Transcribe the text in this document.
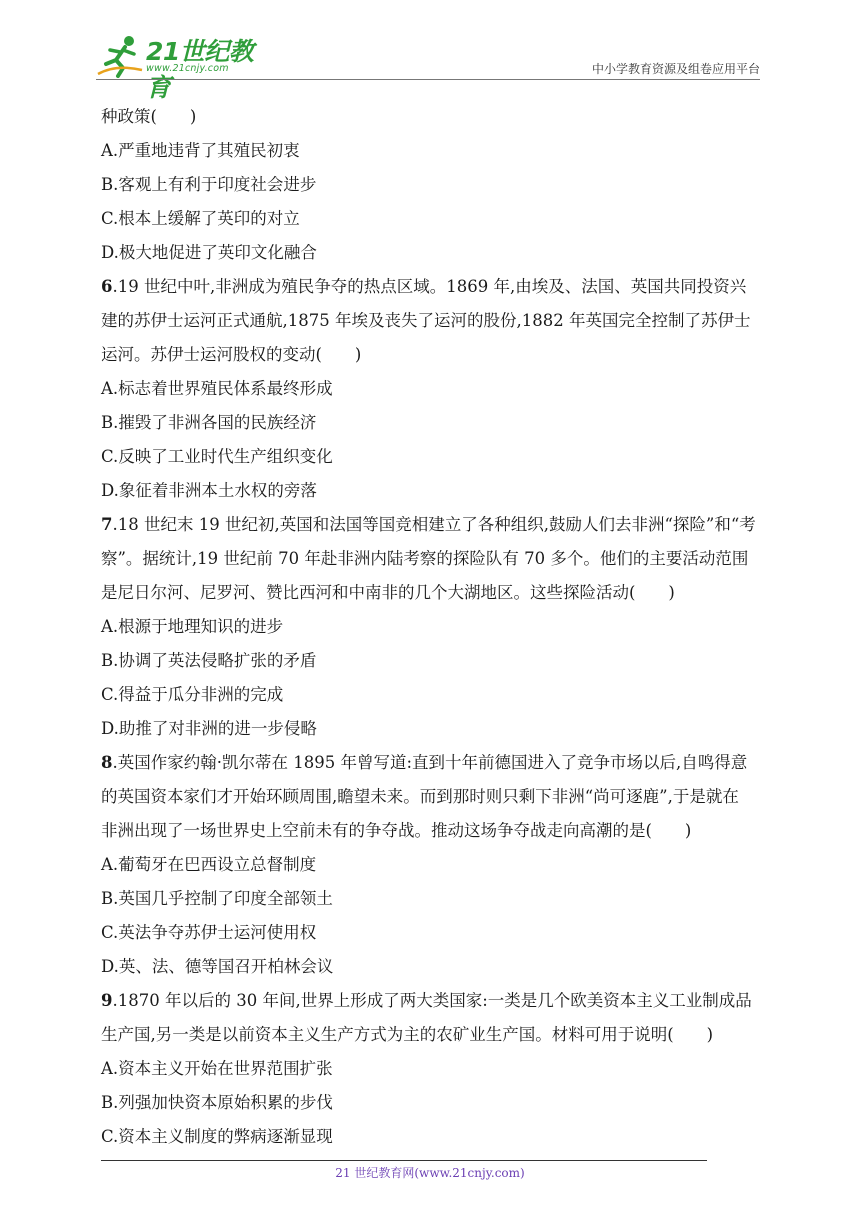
21世纪教育
www.21cnjy.com	中小学教育资源及组卷应用平台
种政策(　　)
A.严重地违背了其殖民初衷
B.客观上有利于印度社会进步
C.根本上缓解了英印的对立
D.极大地促进了英印文化融合
6.19 世纪中叶,非洲成为殖民争夺的热点区域。1869 年,由埃及、法国、英国共同投资兴
建的苏伊士运河正式通航,1875 年埃及丧失了运河的股份,1882 年英国完全控制了苏伊士
运河。苏伊士运河股权的变动(　　)
A.标志着世界殖民体系最终形成
B.摧毁了非洲各国的民族经济
C.反映了工业时代生产组织变化
D.象征着非洲本土水权的旁落
7.18 世纪末 19 世纪初,英国和法国等国竞相建立了各种组织,鼓励人们去非洲“探险”和“考
察”。据统计,19 世纪前 70 年赴非洲内陆考察的探险队有 70 多个。他们的主要活动范围
是尼日尔河、尼罗河、赞比西河和中南非的几个大湖地区。这些探险活动(　　)
A.根源于地理知识的进步
B.协调了英法侵略扩张的矛盾
C.得益于瓜分非洲的完成
D.助推了对非洲的进一步侵略
8.英国作家约翰·凯尔蒂在 1895 年曾写道:直到十年前德国进入了竞争市场以后,自鸣得意
的英国资本家们才开始环顾周围,瞻望未来。而到那时则只剩下非洲“尚可逐鹿”,于是就在
非洲出现了一场世界史上空前未有的争夺战。推动这场争夺战走向高潮的是(　　)
A.葡萄牙在巴西设立总督制度
B.英国几乎控制了印度全部领土
C.英法争夺苏伊士运河使用权
D.英、法、德等国召开柏林会议
9.1870 年以后的 30 年间,世界上形成了两大类国家:一类是几个欧美资本主义工业制成品
生产国,另一类是以前资本主义生产方式为主的农矿业生产国。材料可用于说明(　　)
A.资本主义开始在世界范围扩张
B.列强加快资本原始积累的步伐
C.资本主义制度的弊病逐渐显现
21 世纪教育网(www.21cnjy.com)
